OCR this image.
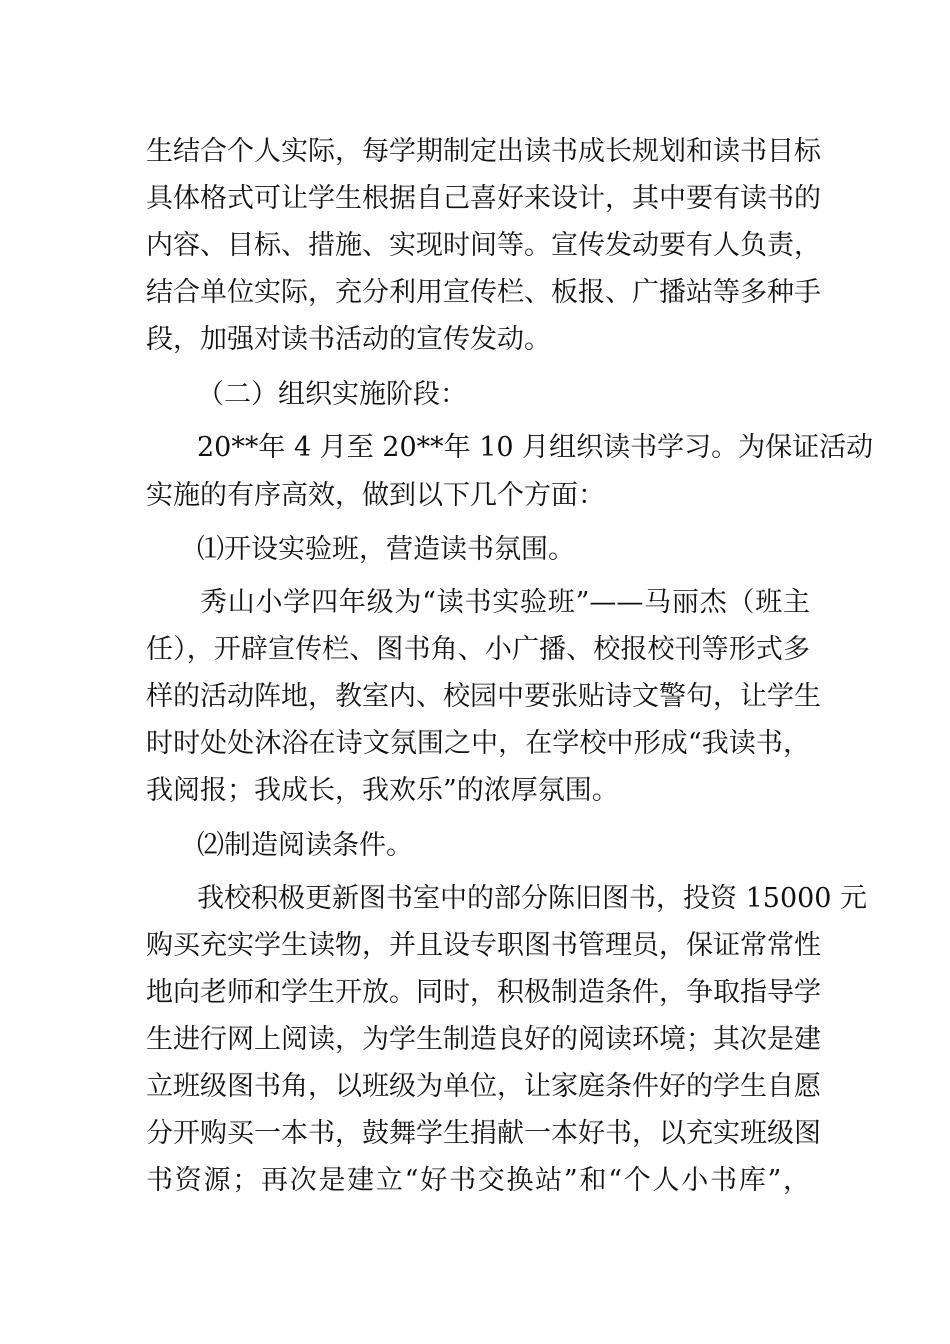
生结合个人实际，每学期制定出读书成长规划和读书目标
具体格式可让学生根据自己喜好来设计，其中要有读书的
内容、目标、措施、实现时间等。宣传发动要有人负责，
结合单位实际，充分利用宣传栏、板报、广播站等多种手
段，加强对读书活动的宣传发动。
（二）组织实施阶段：
20**年 4 月至 20**年 10 月组织读书学习。为保证活动
实施的有序高效，做到以下几个方面：
⑴开设实验班，营造读书氛围。
秀山小学四年级为“读书实验班”——马丽杰（班主
任），开辟宣传栏、图书角、小广播、校报校刊等形式多
样的活动阵地，教室内、校园中要张贴诗文警句，让学生
时时处处沐浴在诗文氛围之中，在学校中形成“我读书，
我阅报；我成长，我欢乐”的浓厚氛围。
⑵制造阅读条件。
我校积极更新图书室中的部分陈旧图书，投资 15000 元
购买充实学生读物，并且设专职图书管理员，保证常常性
地向老师和学生开放。同时，积极制造条件，争取指导学
生进行网上阅读，为学生制造良好的阅读环境；其次是建
立班级图书角，以班级为单位，让家庭条件好的学生自愿
分开购买一本书，鼓舞学生捐献一本好书，以充实班级图
书资源；再次是建立“好书交换站”和“个人小书库”，
